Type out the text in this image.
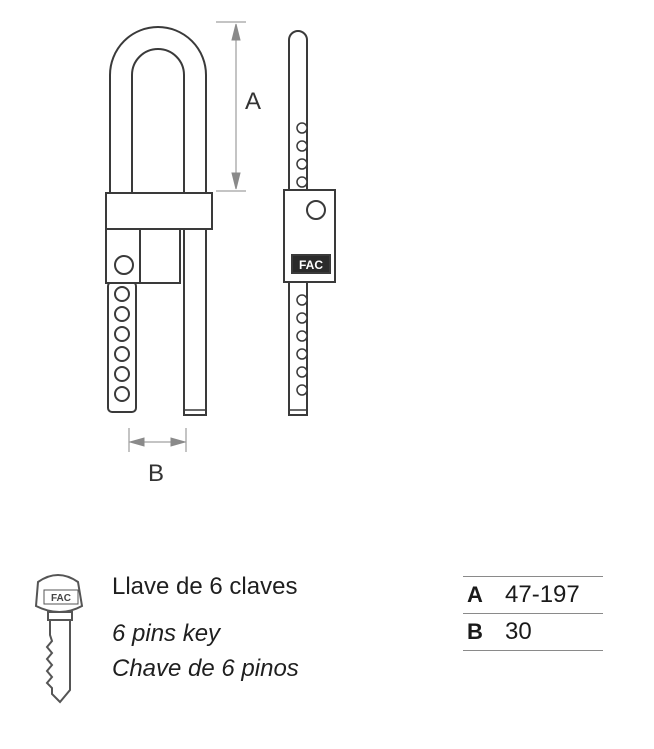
FAC
FAC
A
B
Llave de 6 claves
6 pins key
Chave de 6 pinos
A 47-197
B 30
